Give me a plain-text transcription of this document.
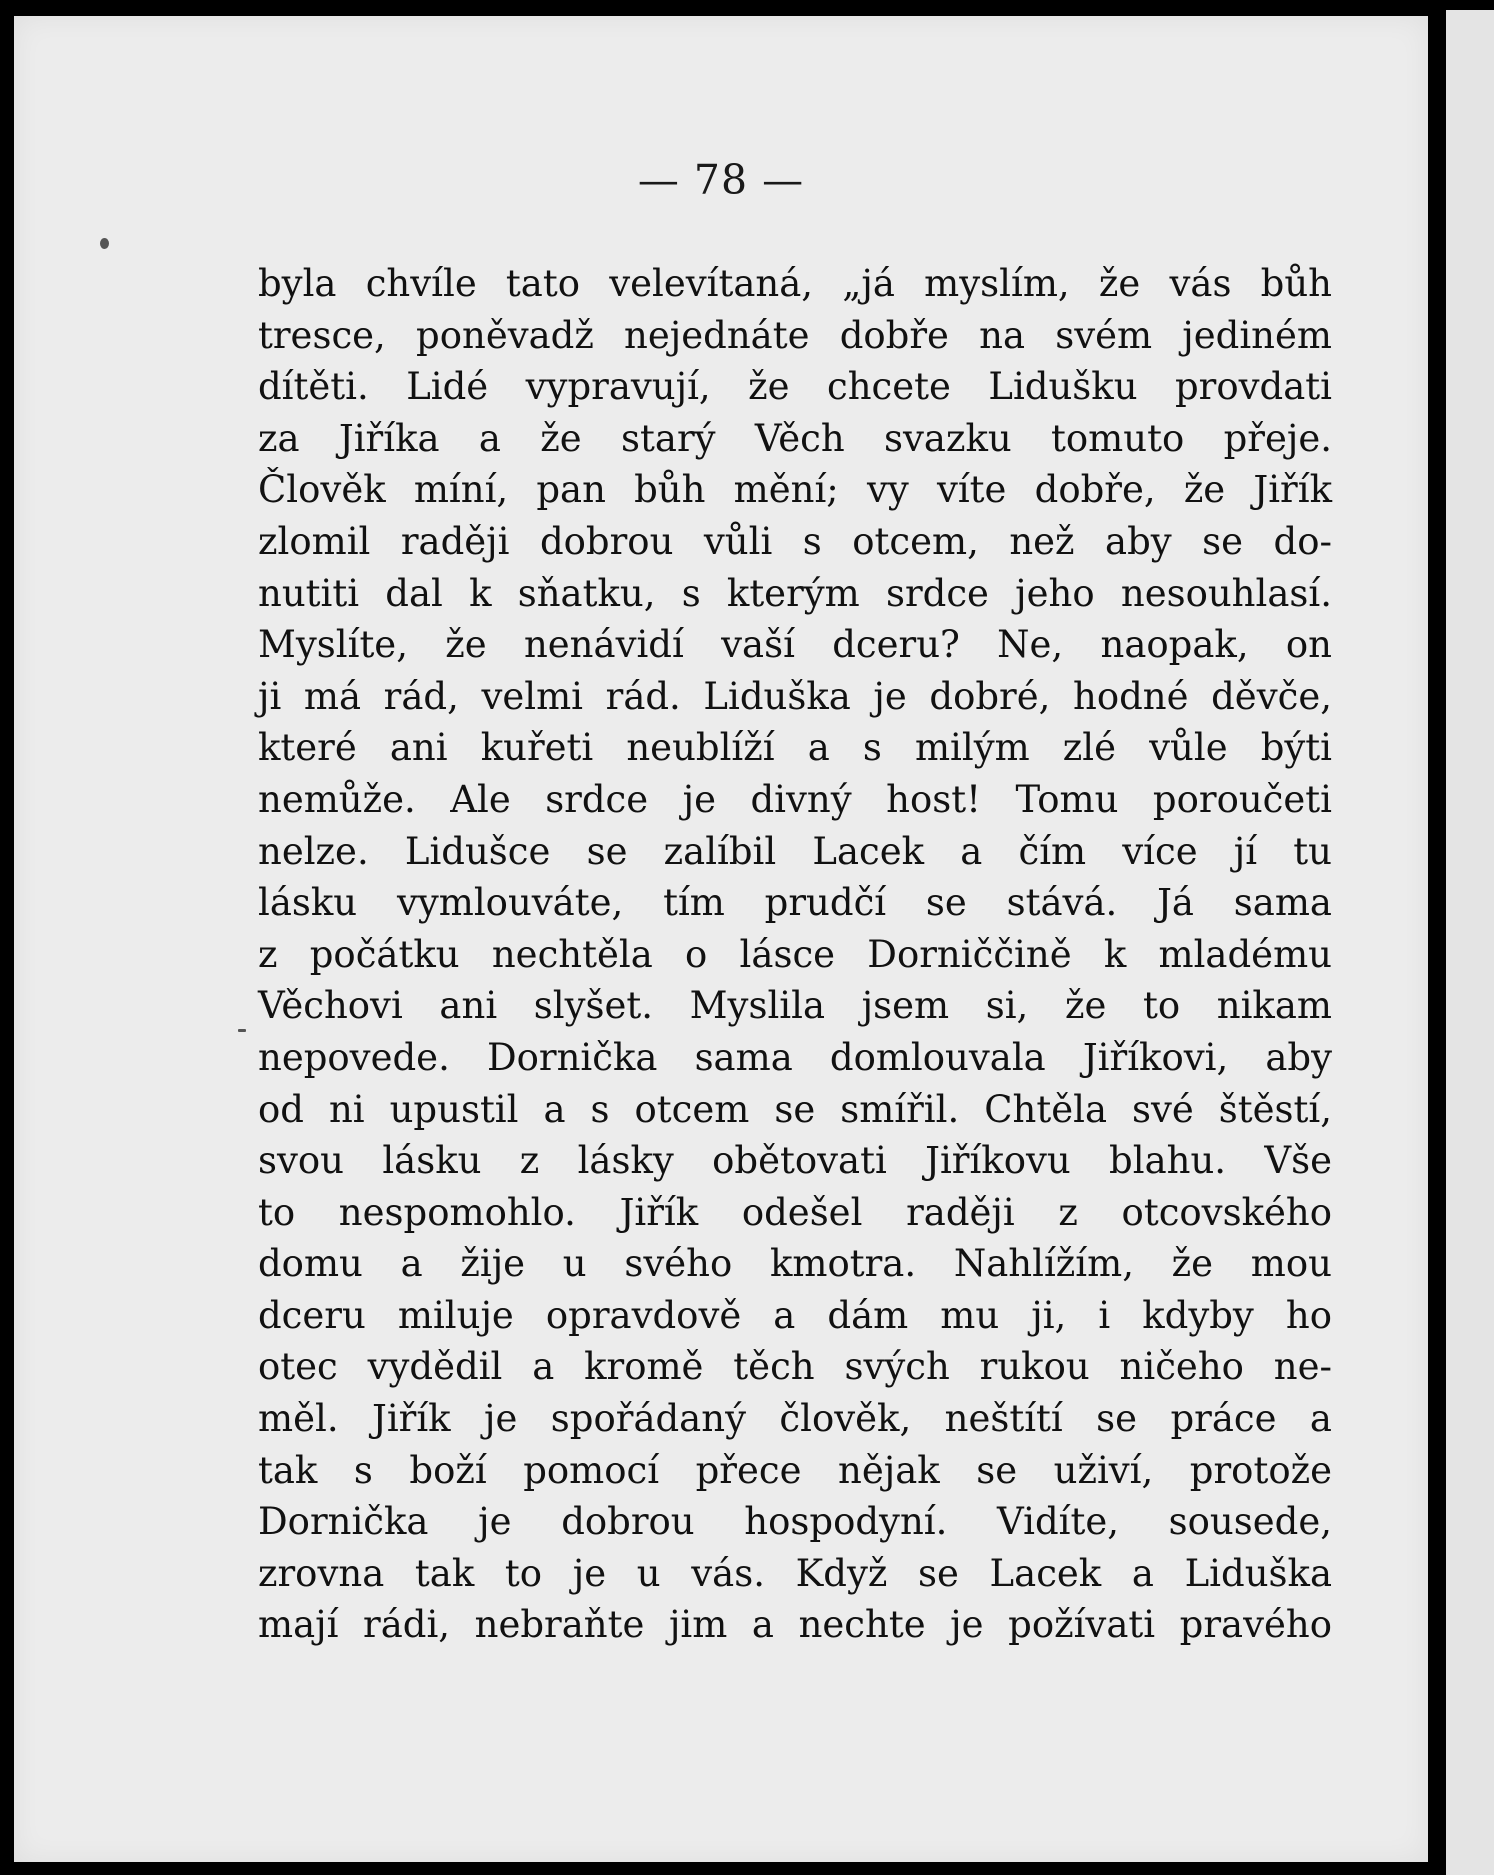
— 78 —
byla chvíle tato velevítaná, „já myslím, že vás bůh
tresce, poněvadž nejednáte dobře na svém jediném
dítěti. Lidé vypravují, že chcete Lidušku provdati
za Jiříka a že starý Věch svazku tomuto přeje.
Člověk míní, pan bůh mění; vy víte dobře, že Jiřík
zlomil raději dobrou vůli s otcem, než aby se do-
nutiti dal k sňatku, s kterým srdce jeho nesouhlasí.
Myslíte, že nenávidí vaší dceru? Ne, naopak, on
ji má rád, velmi rád. Liduška je dobré, hodné děvče,
které ani kuřeti neublíží a s milým zlé vůle býti
nemůže. Ale srdce je divný host! Tomu poroučeti
nelze. Lidušce se zalíbil Lacek a čím více jí tu
lásku vymlouváte, tím prudčí se stává. Já sama
z počátku nechtěla o lásce Dorniččině k mladému
Věchovi ani slyšet. Myslila jsem si, že to nikam
nepovede. Dornička sama domlouvala Jiříkovi, aby
od ni upustil a s otcem se smířil. Chtěla své štěstí,
svou lásku z lásky obětovati Jiříkovu blahu. Vše
to nespomohlo. Jiřík odešel raději z otcovského
domu a žije u svého kmotra. Nahlížím, že mou
dceru miluje opravdově a dám mu ji, i kdyby ho
otec vydědil a kromě těch svých rukou ničeho ne-
měl. Jiřík je spořádaný člověk, neštítí se práce a
tak s boží pomocí přece nějak se uživí, protože
Dornička je dobrou hospodyní. Vidíte, sousede,
zrovna tak to je u vás. Když se Lacek a Liduška
mají rádi, nebraňte jim a nechte je požívati pravého
